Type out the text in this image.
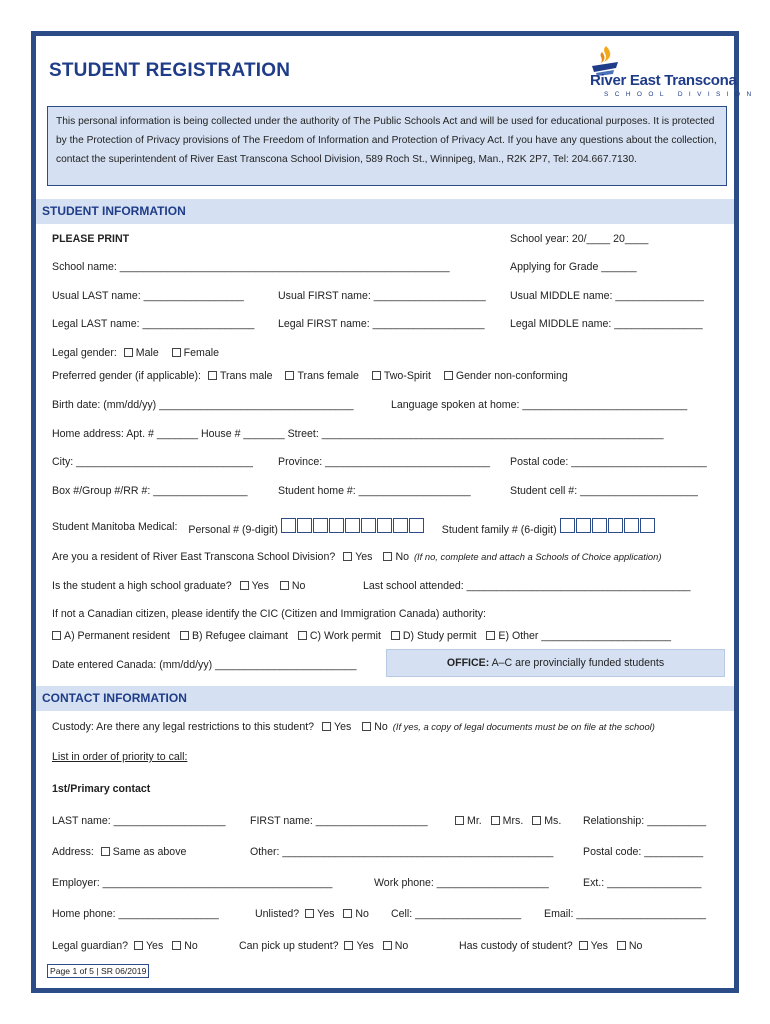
STUDENT REGISTRATION	River East Transcona
SCHOOL DIVISION
This personal information is being collected under the authority of The Public Schools Act and will be used for educational purposes. It is protected by the Protection of Privacy provisions of The Freedom of Information and Protection of Privacy Act. If you have any questions about the collection, contact the superintendent of River East Transcona School Division, 589 Roch St., Winnipeg, Man., R2K 2P7, Tel: 204.667.7130.
STUDENT INFORMATION
PLEASE PRINT	School year: 20/____ 20____
School name: ________________________________________________________	Applying for Grade ______
Usual LAST name: _________________	Usual FIRST name: ___________________ Usual MIDDLE name: _______________
Legal LAST name: ___________________ Legal FIRST name: ___________________ Legal MIDDLE name: _______________
Legal gender: Male Female
Preferred gender (if applicable): Trans male Trans female Two-Spirit Gender non-conforming
Birth date: (mm/dd/yy) _________________________________	Language spoken at home: ____________________________
Home address: Apt. # _______ House # _______ Street: __________________________________________________________
City: ______________________________ Province: ____________________________ Postal code: _______________________
Box #/Group #/RR #: ________________	Student home #: ___________________	Student cell #: ____________________
Student Manitoba Medical: Personal # (9-digit)	Student family # (6-digit)
Are you a resident of River East Transcona School Division? Yes No (If no, complete and attach a Schools of Choice application)
Is the student a high school graduate? Yes No	Last school attended: ______________________________________
If not a Canadian citizen, please identify the CIC (Citizen and Immigration Canada) authority:
A) Permanent resident B) Refugee claimant C) Work permit D) Study permit E) Other ______________________
Date entered Canada: (mm/dd/yy) ________________________	OFFICE: A–C are provincially funded students
CONTACT INFORMATION
Custody: Are there any legal restrictions to this student? Yes No (If yes, a copy of legal documents must be on file at the school)
List in order of priority to call:
1st/Primary contact
LAST name: ___________________ FIRST name: ___________________	Mr. Mrs. Ms. Relationship: __________
Address: Same as above	Other: ______________________________________________	Postal code: __________
Employer: _______________________________________	Work phone: ___________________	Ext.: ________________
Home phone: _________________	Unlisted? Yes No Cell: __________________ Email: ______________________
Legal guardian? Yes No	Can pick up student? Yes No	Has custody of student? Yes No
Page 1 of 5 | SR 06/2019
